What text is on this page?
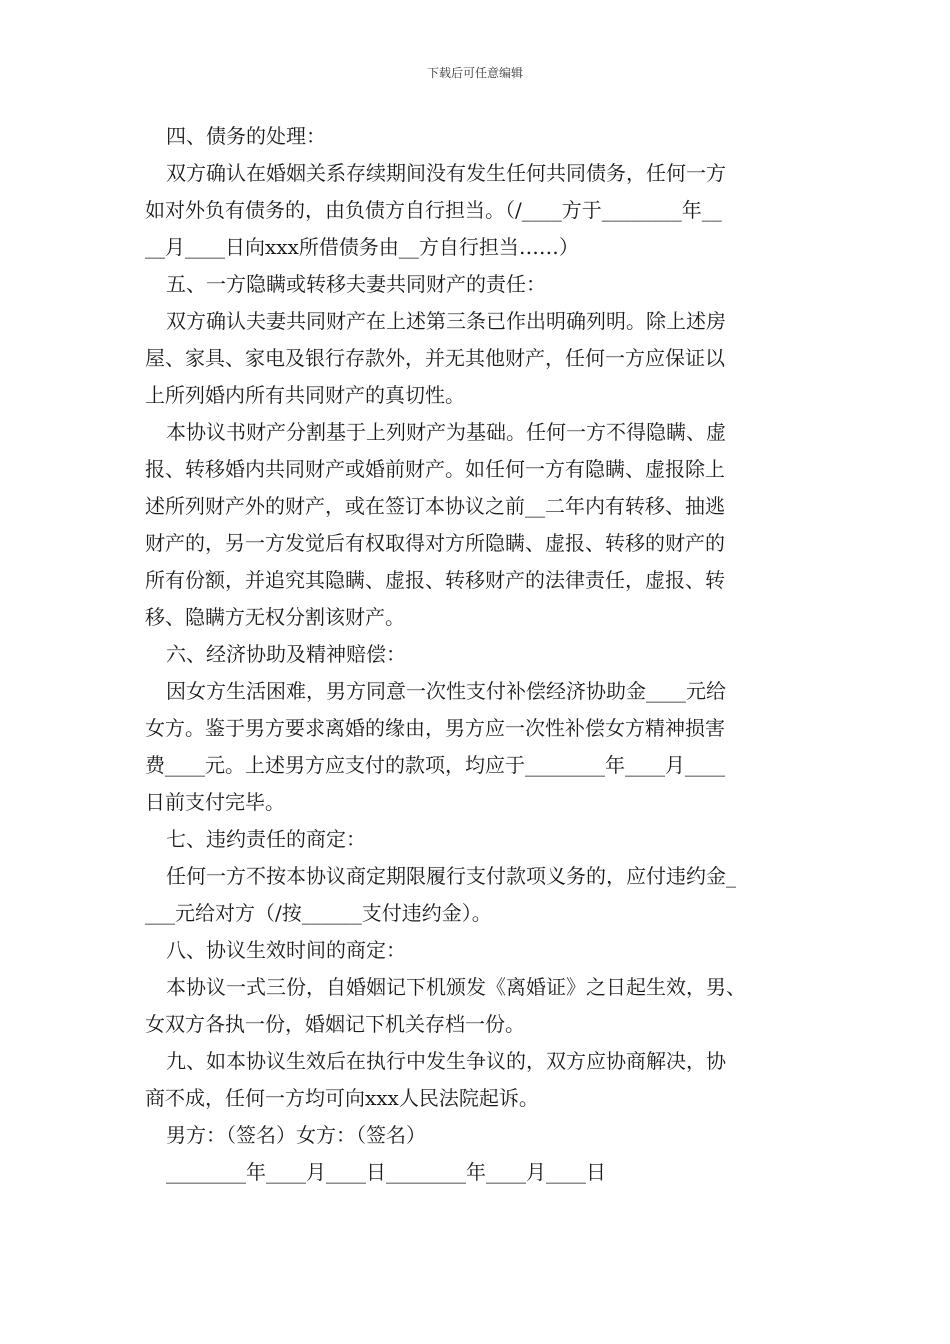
下载后可任意编辑
四、债务的处理：
双方确认在婚姻关系存续期间没有发生任何共同债务，任何一方
如对外负有债务的，由负债方自行担当。（/____方于________年__
__月____日向xxx所借债务由__方自行担当……）
五、一方隐瞒或转移夫妻共同财产的责任：
双方确认夫妻共同财产在上述第三条已作出明确列明。除上述房
屋、家具、家电及银行存款外，并无其他财产，任何一方应保证以
上所列婚内所有共同财产的真切性。
本协议书财产分割基于上列财产为基础。任何一方不得隐瞒、虚
报、转移婚内共同财产或婚前财产。如任何一方有隐瞒、虚报除上
述所列财产外的财产，或在签订本协议之前__二年内有转移、抽逃
财产的，另一方发觉后有权取得对方所隐瞒、虚报、转移的财产的
所有份额，并追究其隐瞒、虚报、转移财产的法律责任，虚报、转
移、隐瞒方无权分割该财产。
六、经济协助及精神赔偿：
因女方生活困难，男方同意一次性支付补偿经济协助金____元给
女方。鉴于男方要求离婚的缘由，男方应一次性补偿女方精神损害
费____元。上述男方应支付的款项，均应于________年____月____
日前支付完毕。
七、违约责任的商定：
任何一方不按本协议商定期限履行支付款项义务的，应付违约金_
___元给对方（/按______支付违约金）。
八、协议生效时间的商定：
本协议一式三份，自婚姻记下机颁发《离婚证》之日起生效，男、
女双方各执一份，婚姻记下机关存档一份。
九、如本协议生效后在执行中发生争议的，双方应协商解决，协
商不成，任何一方均可向xxx人民法院起诉。
男方：（签名）女方：（签名）
________年____月____日________年____月____日
